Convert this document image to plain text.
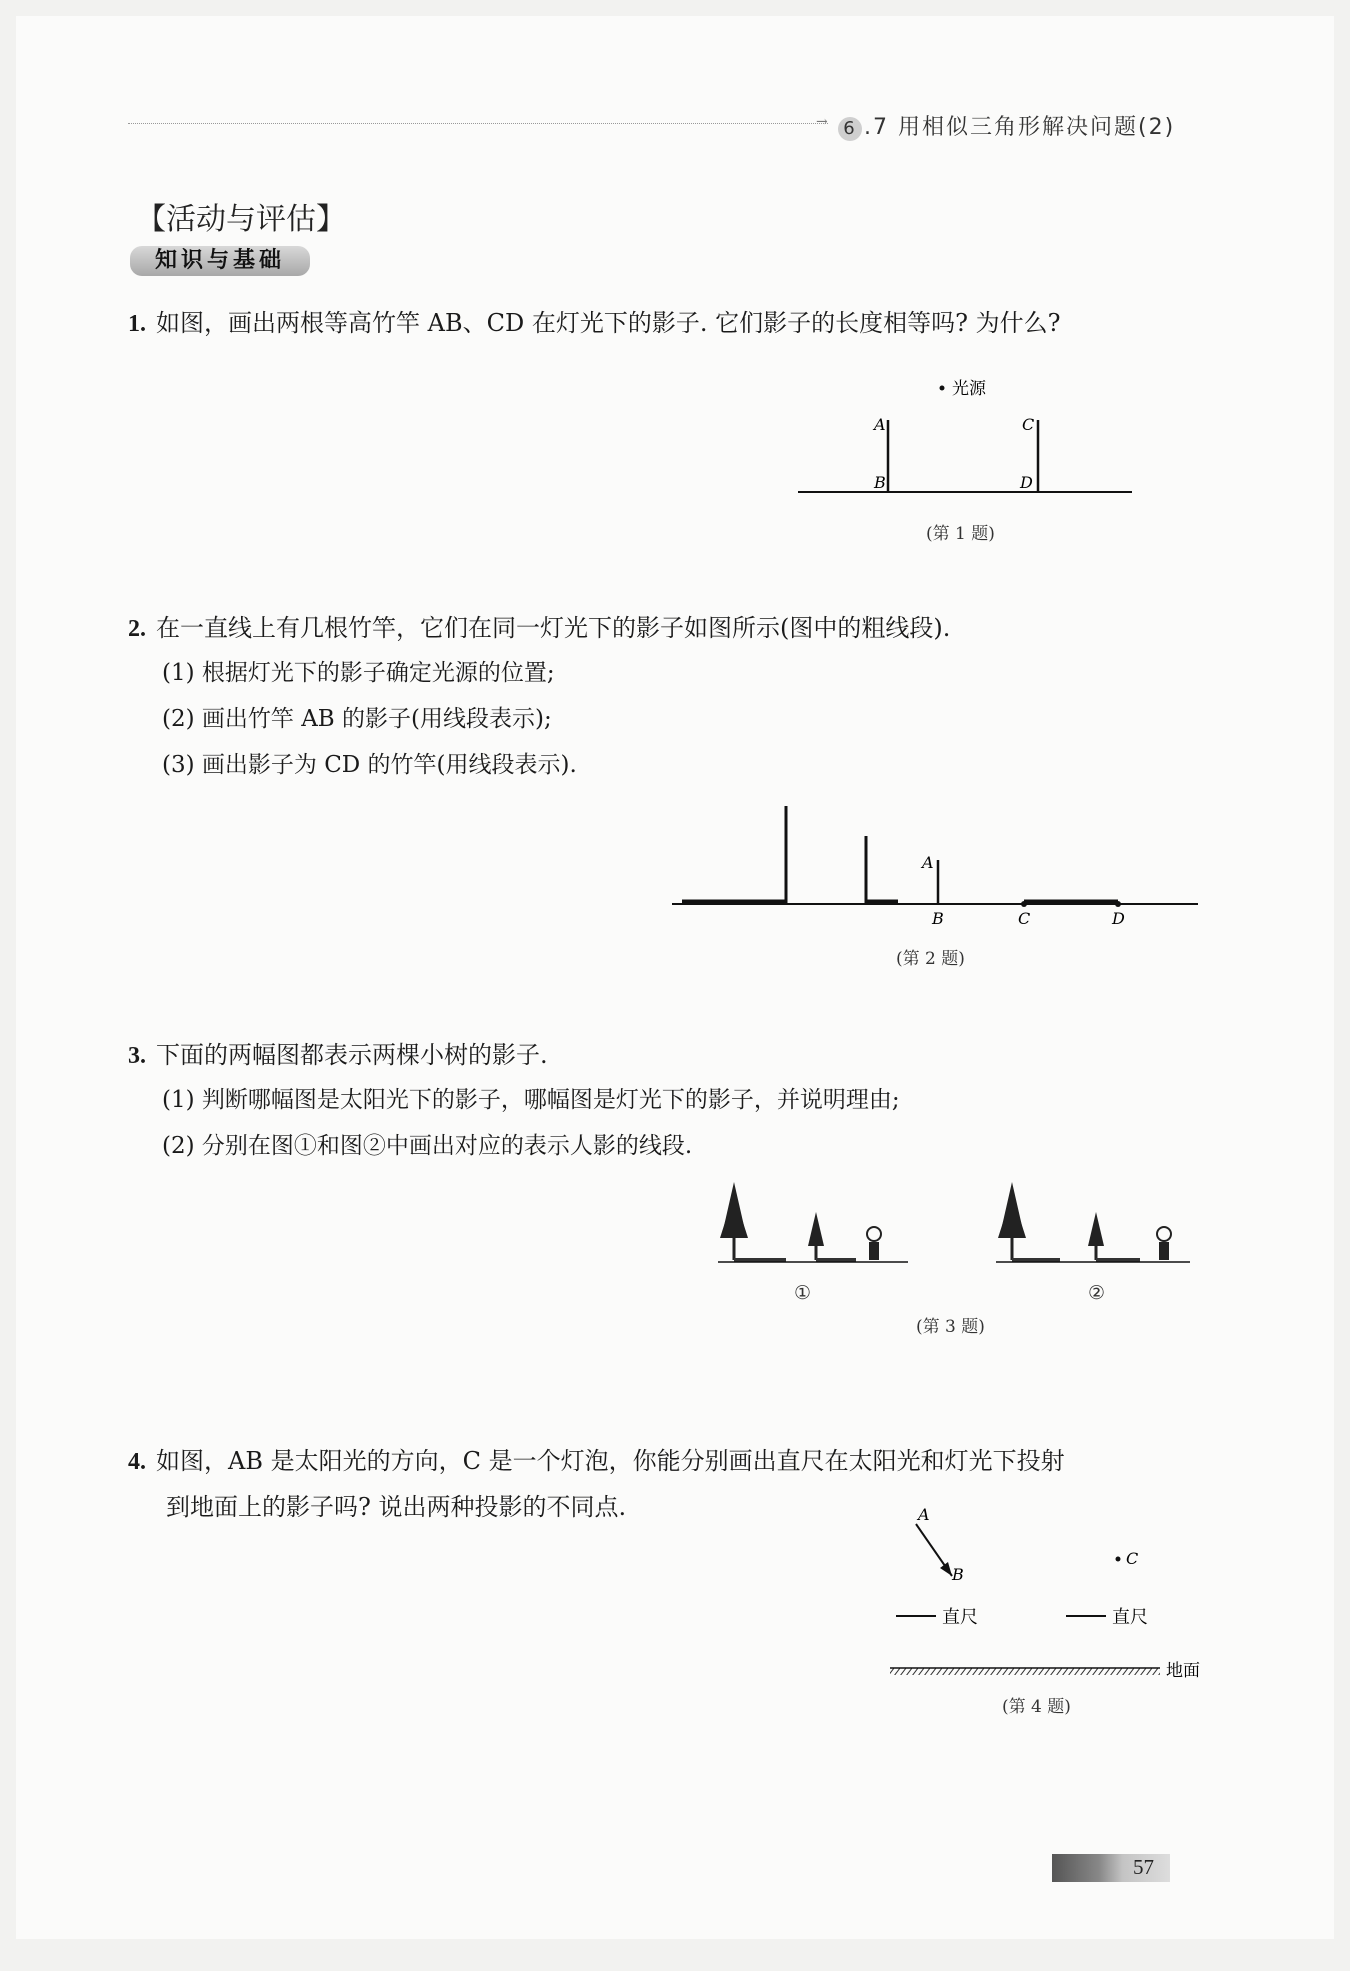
→ 6 .7 用相似三角形解决问题(2)
【活动与评估】
知识与基础
1. 如图，画出两根等高竹竿 AB、CD 在灯光下的影子. 它们影子的长度相等吗? 为什么?
光源
A
B
C
D
(第 1 题)
2. 在一直线上有几根竹竿，它们在同一灯光下的影子如图所示(图中的粗线段).
(1) 根据灯光下的影子确定光源的位置;
(2) 画出竹竿 AB 的影子(用线段表示);
(3) 画出影子为 CD 的竹竿(用线段表示).
A
B	C	D
(第 2 题)
3. 下面的两幅图都表示两棵小树的影子.
(1) 判断哪幅图是太阳光下的影子，哪幅图是灯光下的影子，并说明理由;
(2) 分别在图①和图②中画出对应的表示人影的线段.
①	②
(第 3 题)
4. 如图，AB 是太阳光的方向，C 是一个灯泡，你能分别画出直尺在太阳光和灯光下投射
到地面上的影子吗? 说出两种投影的不同点.	A
B
C
直尺	直尺
地面
(第 4 题)
57
